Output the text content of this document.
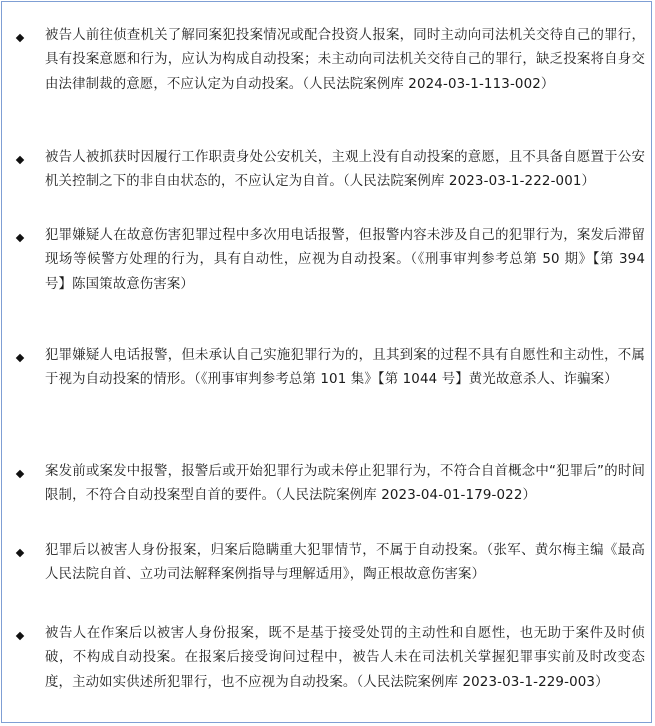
被告人前往侦查机关了解同案犯投案情况或配合投资人报案，同时主动向司法机关交待自己的罪行，具有投案意愿和行为，应认为构成自动投案；未主动向司法机关交待自己的罪行，缺乏投案将自身交由法律制裁的意愿，不应认定为自动投案。（人民法院案例库 2024-03-1-113-002）
被告人被抓获时因履行工作职责身处公安机关，主观上没有自动投案的意愿，且不具备自愿置于公安机关控制之下的非自由状态的，不应认定为自首。（人民法院案例库 2023-03-1-222-001）
犯罪嫌疑人在故意伤害犯罪过程中多次用电话报警，但报警内容未涉及自己的犯罪行为，案发后滞留现场等候警方处理的行为，具有自动性，应视为自动投案。（《刑事审判参考总第 50 期》【第 394 号】陈国策故意伤害案）
犯罪嫌疑人电话报警，但未承认自己实施犯罪行为的，且其到案的过程不具有自愿性和主动性，不属于视为自动投案的情形。（《刑事审判参考总第 101 集》【第 1044 号】黄光故意杀人、诈骗案）
案发前或案发中报警，报警后或开始犯罪行为或未停止犯罪行为，不符合自首概念中“犯罪后”的时间限制，不符合自动投案型自首的要件。（人民法院案例库 2023-04-01-179-022）
犯罪后以被害人身份报案，归案后隐瞒重大犯罪情节，不属于自动投案。（张军、黄尔梅主编《最高人民法院自首、立功司法解释案例指导与理解适用》，陶正根故意伤害案）
被告人在作案后以被害人身份报案，既不是基于接受处罚的主动性和自愿性，也无助于案件及时侦破，不构成自动投案。在报案后接受询问过程中，被告人未在司法机关掌握犯罪事实前及时改变态度，主动如实供述所犯罪行，也不应视为自动投案。（人民法院案例库 2023-03-1-229-003）
